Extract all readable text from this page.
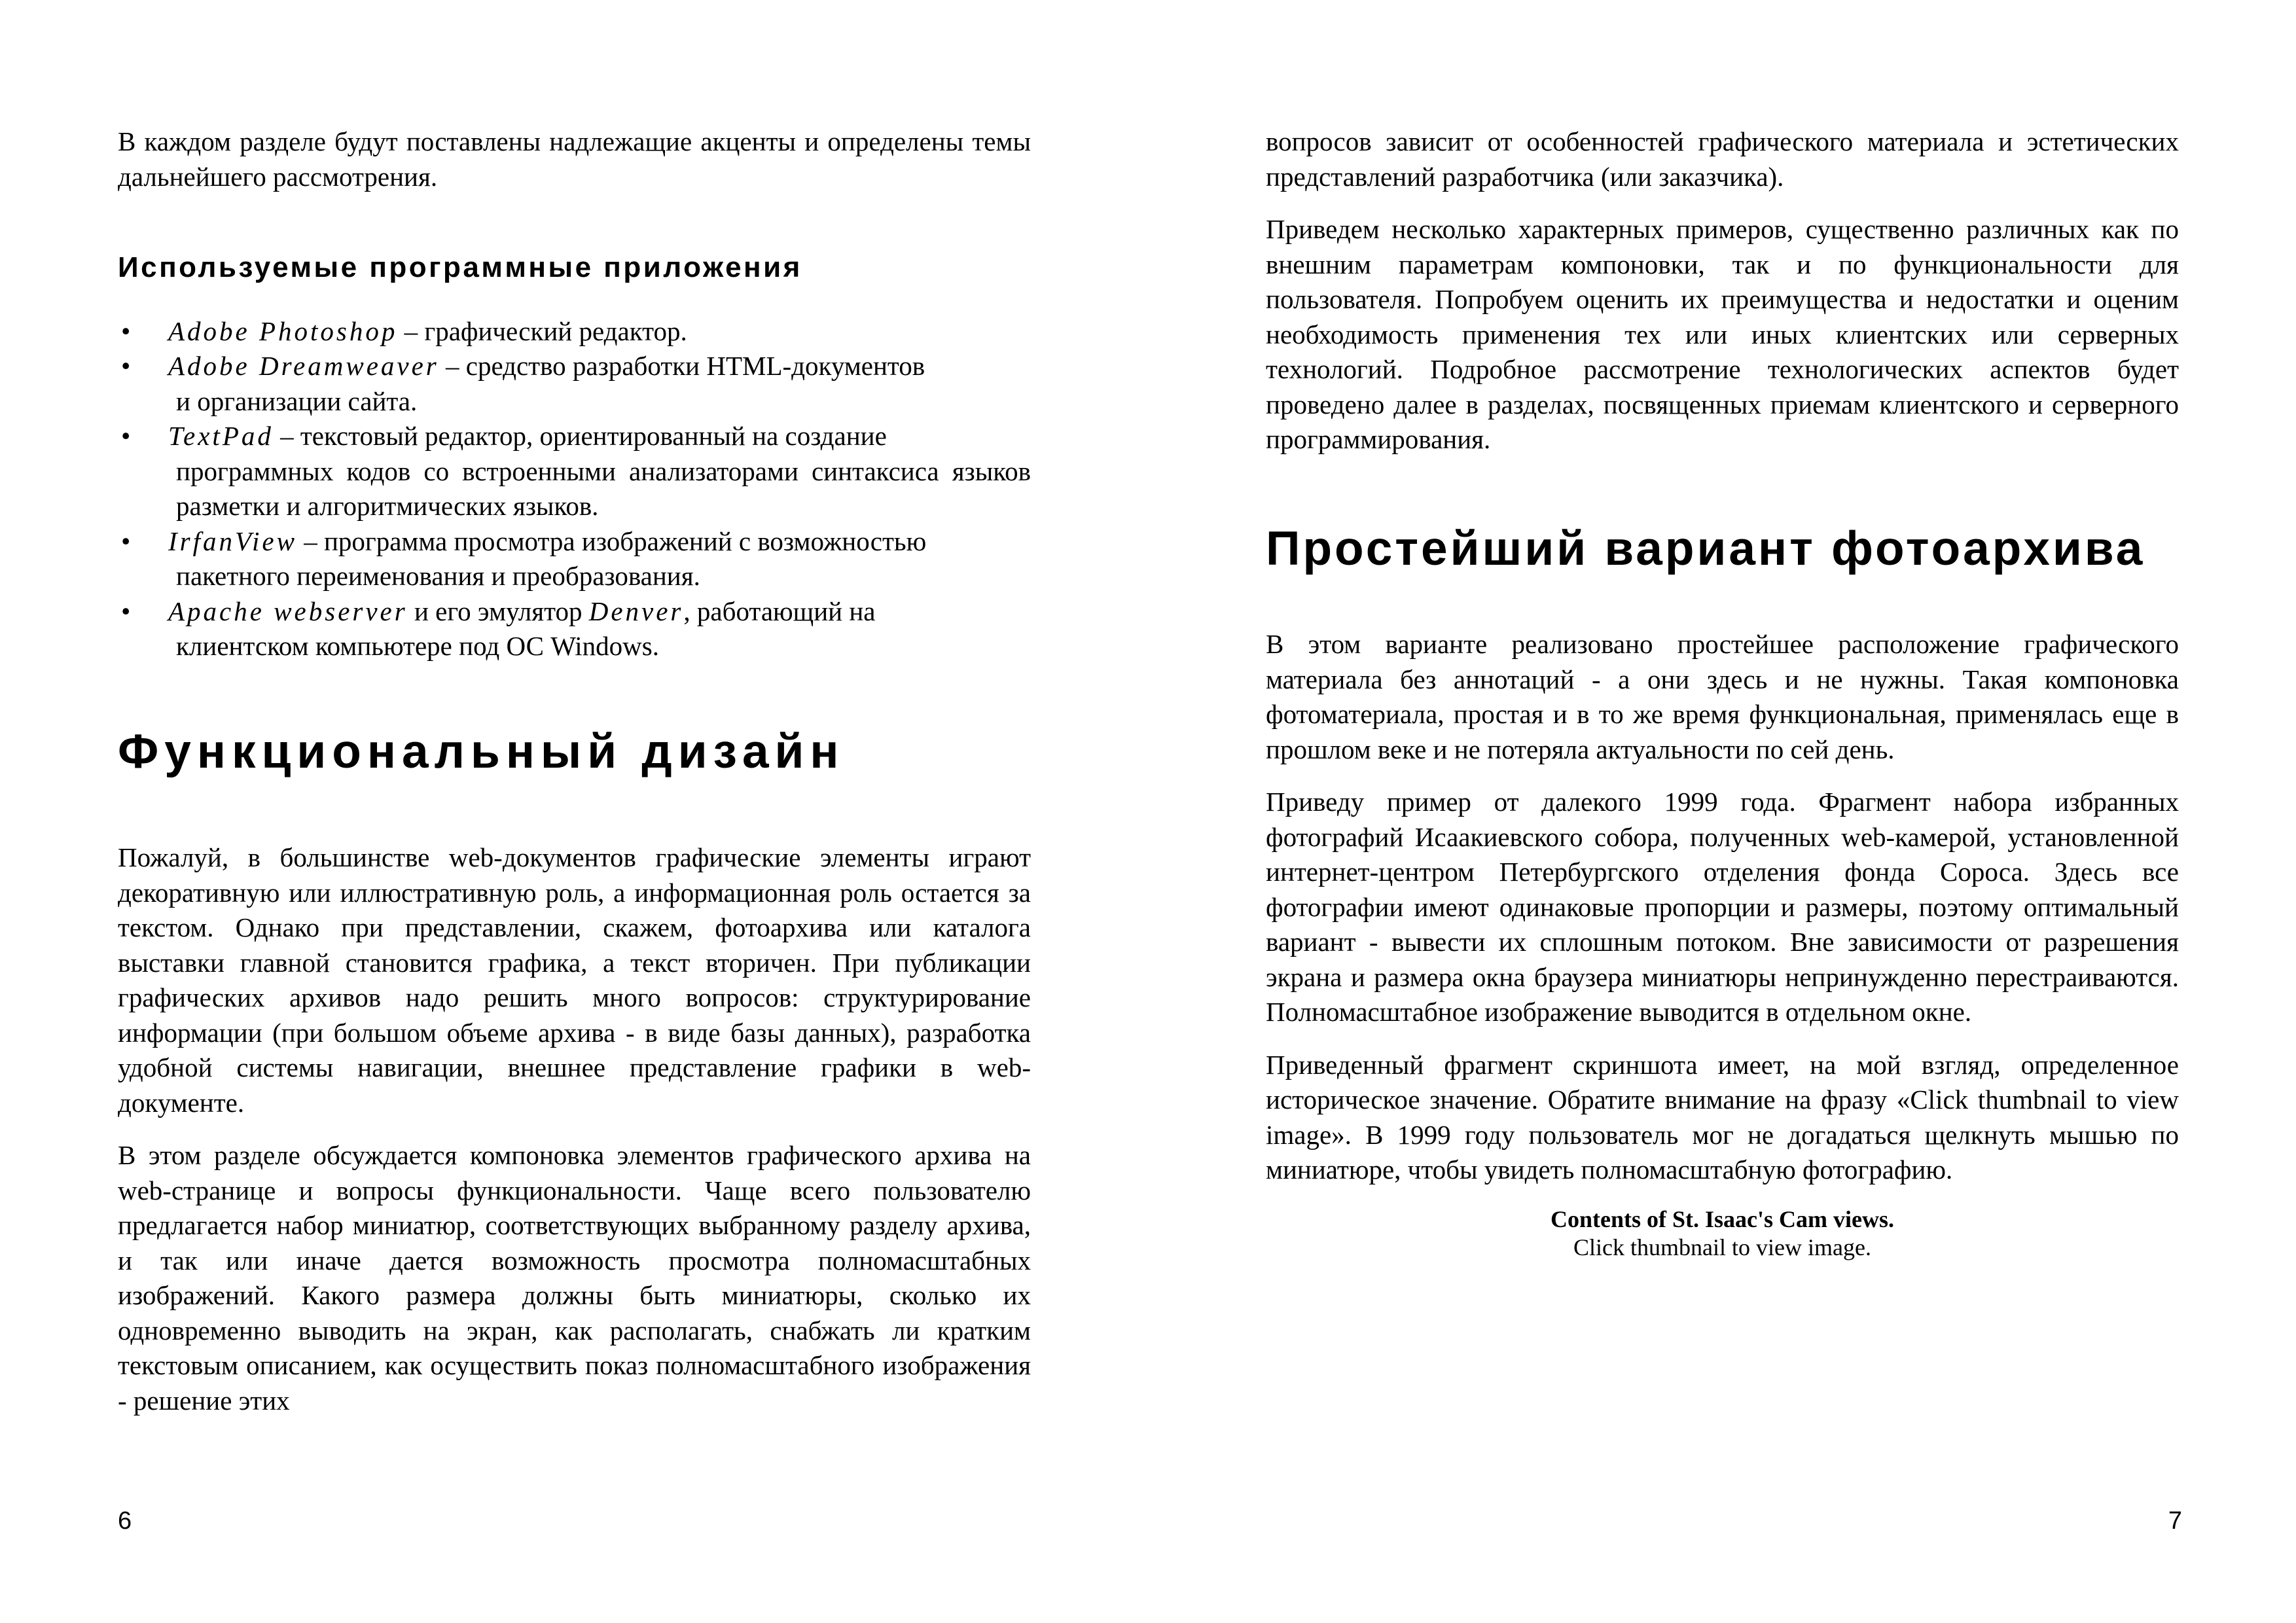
В каждом разделе будут поставлены надлежащие акценты и определены темы дальнейшего рассмотрения.

Используемые программные приложения
• Adobe Photoshop – графический редактор.
• Adobe Dreamweaver – средство разработки HTML-документов
и организации сайта.
• TextPad – текстовый редактор, ориентированный на создание
программных кодов со встроенными анализаторами синтаксиса языков разметки и алгоритмических языков.
• IrfanView – программа просмотра изображений с возможностью
пакетного переименования и преобразования.
• Apache webserver и его эмулятор Denver, работающий на
клиентском компьютере под ОС Windows.
Функциональный дизайн

Пожалуй, в большинстве web-документов графические элементы играют декоративную или иллюстративную роль, а информационная роль остается за текстом. Однако при представлении, скажем, фотоархива или каталога выставки главной становится графика, а текст вторичен. При публикации графических архивов надо решить много вопросов: структурирование информации (при большом объеме архива - в виде базы данных), разработка удобной системы навигации, внешнее представление графики в web-документе.

В этом разделе обсуждается компоновка элементов графического архива на web-странице и вопросы функциональности. Чаще всего пользователю предлагается набор миниатюр, соответствующих выбранному разделу архива, и так или иначе дается возможность просмотра полномасштабных изображений. Какого размера должны быть миниатюры, сколько их одновременно выводить на экран, как располагать, снабжать ли кратким текстовым описанием, как осуществить показ полномасштабного изображения - решение этих

6

вопросов зависит от особенностей графического материала и эстетических представлений разработчика (или заказчика).

Приведем несколько характерных примеров, существенно различных как по внешним параметрам компоновки, так и по функциональности для пользователя. Попробуем оценить их преимущества и недостатки и оценим необходимость применения тех или иных клиентских или серверных технологий. Подробное рассмотрение технологических аспектов будет проведено далее в разделах, посвященных приемам клиентского и серверного программирования.

Простейший вариант фотоархива

В этом варианте реализовано простейшее расположение графического материала без аннотаций - а они здесь и не нужны. Такая компоновка фотоматериала, простая и в то же время функциональная, применялась еще в прошлом веке и не потеряла актуальности по сей день.

Приведу пример от далекого 1999 года. Фрагмент набора избранных фотографий Исаакиевского собора, полученных web-камерой, установленной интернет-центром Петербургского отделения фонда Сороса. Здесь все фотографии имеют одинаковые пропорции и размеры, поэтому оптимальный вариант - вывести их сплошным потоком. Вне зависимости от разрешения экрана и размера окна браузера миниатюры непринужденно перестраиваются. Полномасштабное изображение выводится в отдельном окне.

Приведенный фрагмент скриншота имеет, на мой взгляд, определенное историческое значение. Обратите внимание на фразу «Click thumbnail to view image». В 1999 году пользователь мог не догадаться щелкнуть мышью по миниатюре, чтобы увидеть полномасштабную фотографию.

Contents of St. Isaac's Cam views.
Click thumbnail to view image.
7
